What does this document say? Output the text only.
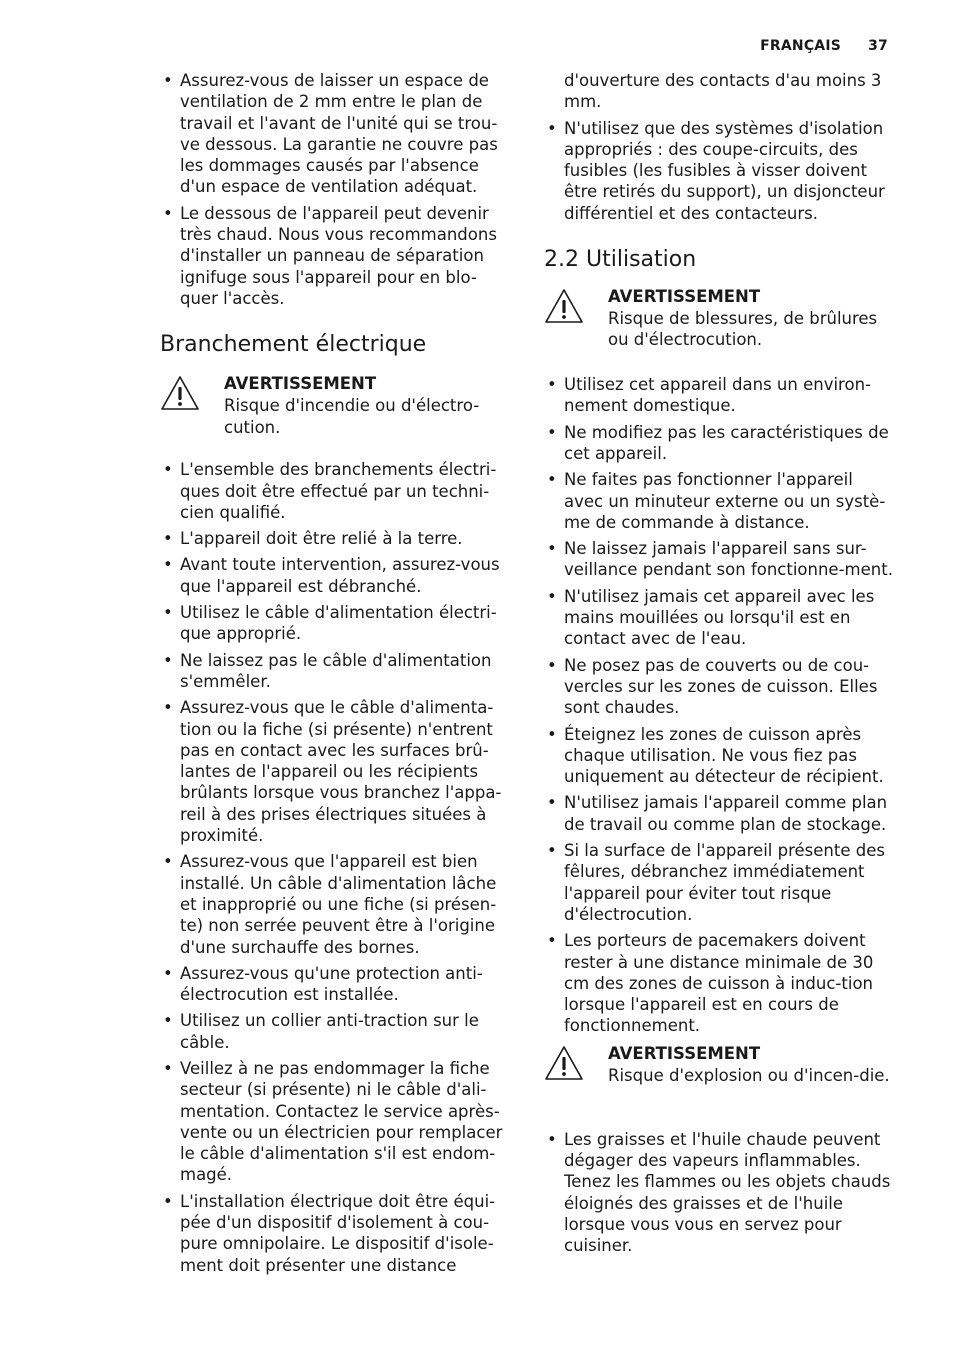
FRANÇAIS 37
• Assurez-vous de laisser un espace de ventilation de 2 mm entre le plan de travail et l'avant de l'unité qui se trou-ve dessous. La garantie ne couvre pas les dommages causés par l'absence d'un espace de ventilation adéquat.
• Le dessous de l'appareil peut devenir très chaud. Nous vous recommandons d'installer un panneau de séparation ignifuge sous l'appareil pour en blo-quer l'accès.
Branchement électrique
AVERTISSEMENT
Risque d'incendie ou d'électro-cution.
• L'ensemble des branchements électri-ques doit être effectué par un techni-cien qualifié.
• L'appareil doit être relié à la terre.
• Avant toute intervention, assurez-vous que l'appareil est débranché.
• Utilisez le câble d'alimentation électri-que approprié.
• Ne laissez pas le câble d'alimentation s'emmêler.
• Assurez-vous que le câble d'alimenta-tion ou la fiche (si présente) n'entrent pas en contact avec les surfaces brû-lantes de l'appareil ou les récipients brûlants lorsque vous branchez l'appa-reil à des prises électriques situées à proximité.
• Assurez-vous que l'appareil est bien installé. Un câble d'alimentation lâche et inapproprié ou une fiche (si présen-te) non serrée peuvent être à l'origine d'une surchauffe des bornes.
• Assurez-vous qu'une protection anti-électrocution est installée.
• Utilisez un collier anti-traction sur le câble.
• Veillez à ne pas endommager la fiche secteur (si présente) ni le câble d'ali-mentation. Contactez le service après-vente ou un électricien pour remplacer le câble d'alimentation s'il est endom-magé.
• L'installation électrique doit être équi-pée d'un dispositif d'isolement à cou-pure omnipolaire. Le dispositif d'isole-ment doit présenter une distance

d'ouverture des contacts d'au moins 3 mm.

• N'utilisez que des systèmes d'isolation appropriés : des coupe-circuits, des fusibles (les fusibles à visser doivent être retirés du support), un disjoncteur différentiel et des contacteurs.
2.2 Utilisation
AVERTISSEMENT
Risque de blessures, de brûlures ou d'électrocution.
• Utilisez cet appareil dans un environ-nement domestique.
• Ne modifiez pas les caractéristiques de cet appareil.
• Ne faites pas fonctionner l'appareil avec un minuteur externe ou un systè-me de commande à distance.
• Ne laissez jamais l'appareil sans sur-veillance pendant son fonctionne-ment.
• N'utilisez jamais cet appareil avec les mains mouillées ou lorsqu'il est en contact avec de l'eau.
• Ne posez pas de couverts ou de cou-vercles sur les zones de cuisson. Elles sont chaudes.
• Éteignez les zones de cuisson après chaque utilisation. Ne vous fiez pas uniquement au détecteur de récipient.
• N'utilisez jamais l'appareil comme plan de travail ou comme plan de stockage.
• Si la surface de l'appareil présente des fêlures, débranchez immédiatement l'appareil pour éviter tout risque d'électrocution.
• Les porteurs de pacemakers doivent rester à une distance minimale de 30 cm des zones de cuisson à induc-tion lorsque l'appareil est en cours de fonctionnement.
AVERTISSEMENT
Risque d'explosion ou d'incen-die.
• Les graisses et l'huile chaude peuvent dégager des vapeurs inflammables. Tenez les flammes ou les objets chauds éloignés des graisses et de l'huile lorsque vous vous en servez pour cuisiner.
